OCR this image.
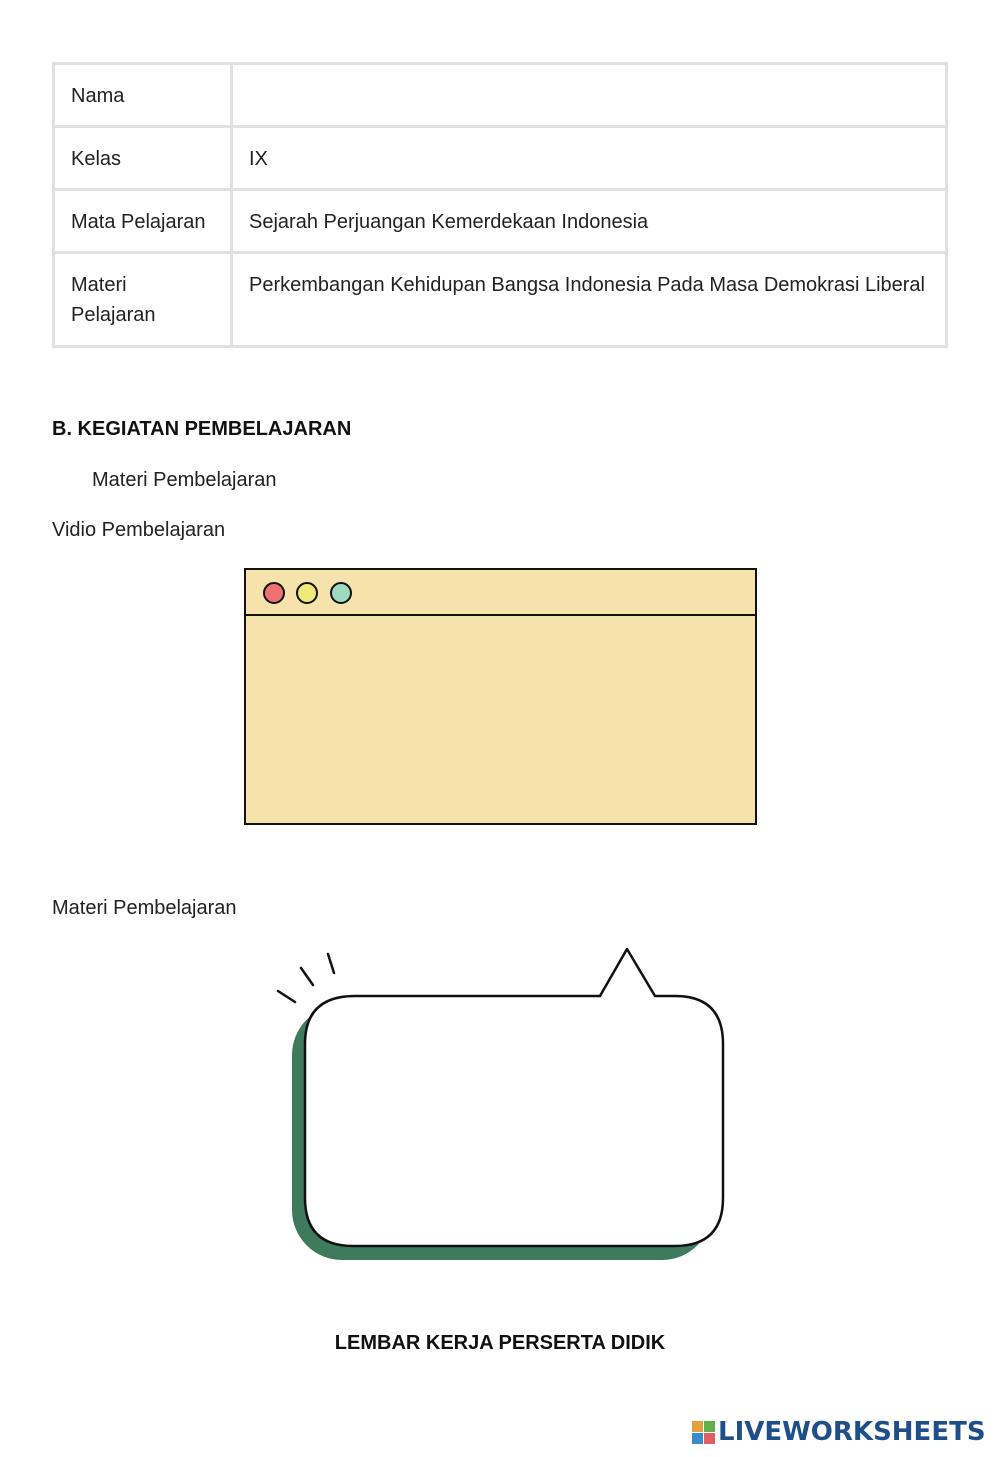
Nama	
Kelas	IX
Mata Pelajaran	Sejarah Perjuangan Kemerdekaan Indonesia
Materi Pelajaran	Perkembangan Kehidupan Bangsa Indonesia Pada Masa Demokrasi Liberal
B. KEGIATAN PEMBELAJARAN
Materi Pembelajaran
Vidio Pembelajaran
Materi Pembelajaran
LEMBAR KERJA PERSERTA DIDIK
LIVEWORKSHEETS
